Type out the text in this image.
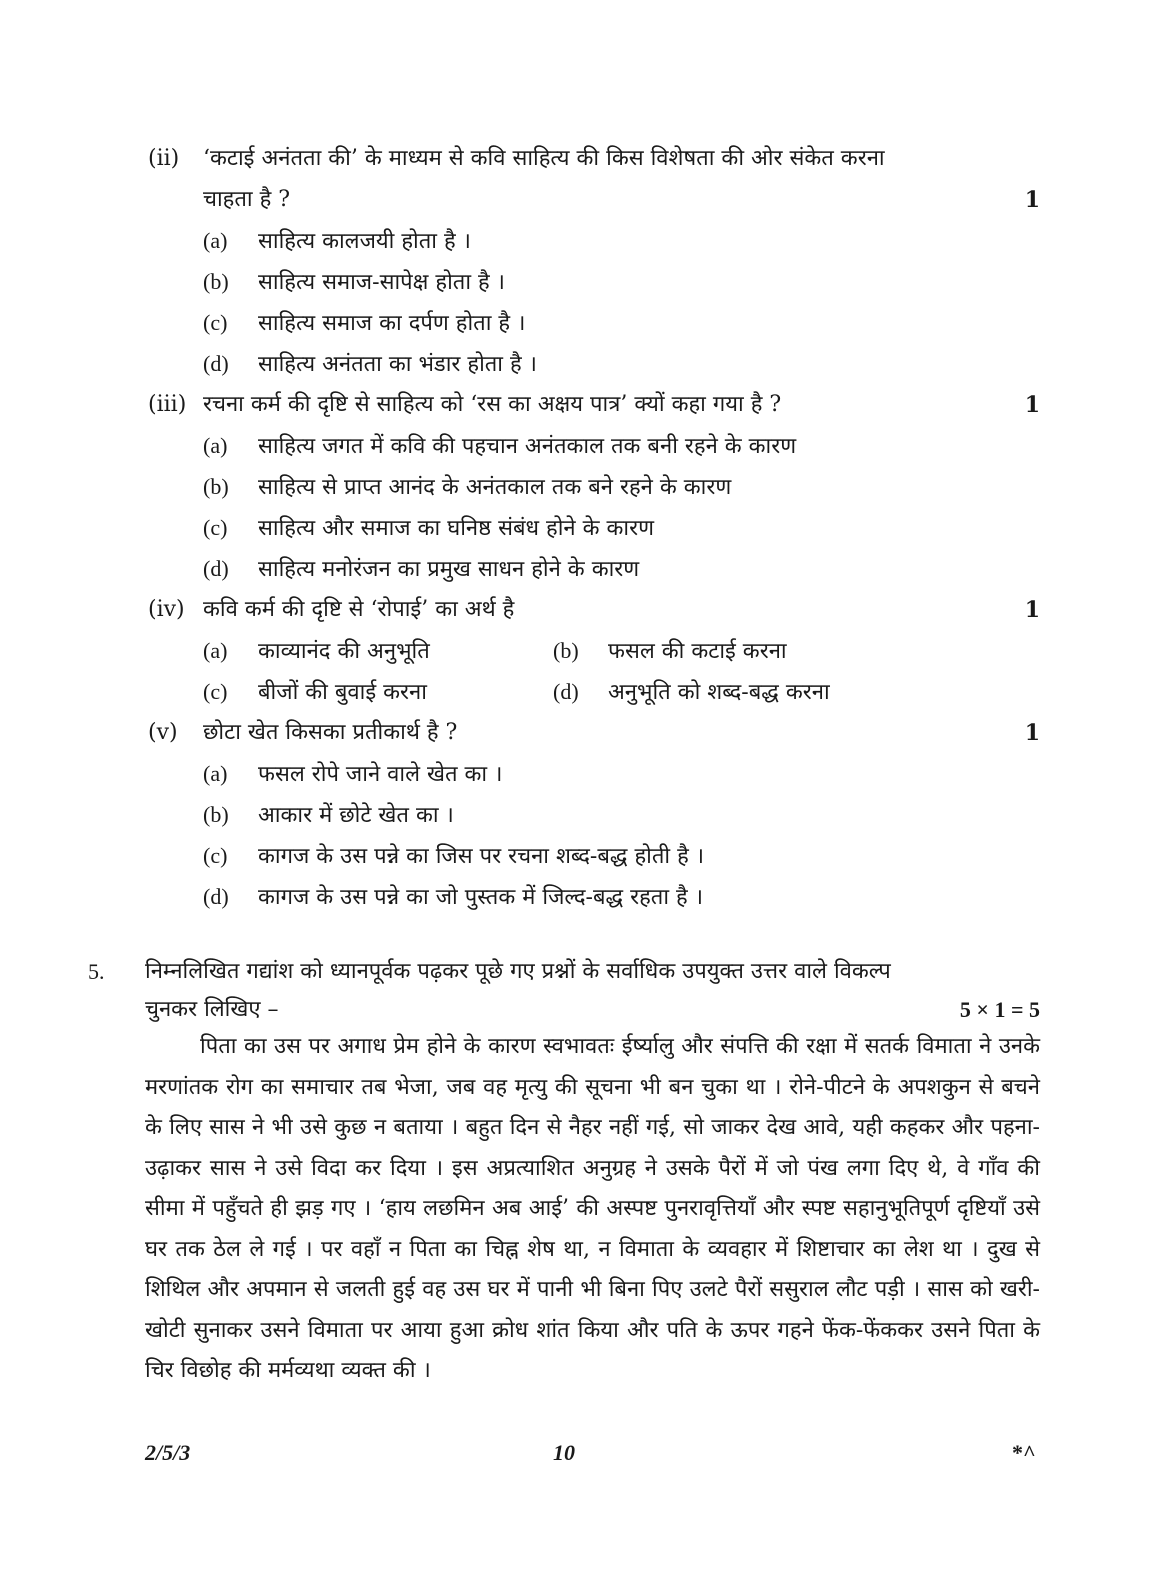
(ii) ‘कटाई अनंतता की’ के माध्यम से कवि साहित्य की किस विशेषता की ओर संकेत करना
चाहता है ?	1
(a) साहित्य कालजयी होता है ।
(b) साहित्य समाज-सापेक्ष होता है ।
(c) साहित्य समाज का दर्पण होता है ।
(d) साहित्य अनंतता का भंडार होता है ।
(iii) रचना कर्म की दृष्टि से साहित्य को ‘रस का अक्षय पात्र’ क्यों कहा गया है ?	1
(a) साहित्य जगत में कवि की पहचान अनंतकाल तक बनी रहने के कारण
(b) साहित्य से प्राप्त आनंद के अनंतकाल तक बने रहने के कारण
(c) साहित्य और समाज का घनिष्ठ संबंध होने के कारण
(d) साहित्य मनोरंजन का प्रमुख साधन होने के कारण
(iv) कवि कर्म की दृष्टि से ‘रोपाई’ का अर्थ है	1
(a) काव्यानंद की अनुभूति	(b) फसल की कटाई करना
(c) बीजों की बुवाई करना	(d) अनुभूति को शब्द-बद्ध करना
(v) छोटा खेत किसका प्रतीकार्थ है ?	1
(a) फसल रोपे जाने वाले खेत का ।
(b) आकार में छोटे खेत का ।
(c) कागज के उस पन्ने का जिस पर रचना शब्द-बद्ध होती है ।
(d) कागज के उस पन्ने का जो पुस्तक में जिल्द-बद्ध रहता है ।
5. निम्नलिखित गद्यांश को ध्यानपूर्वक पढ़कर पूछे गए प्रश्नों के सर्वाधिक उपयुक्त उत्तर वाले विकल्प
चुनकर लिखिए –	5 × 1 = 5

पिता का उस पर अगाध प्रेम होने के कारण स्वभावतः ईर्ष्यालु और संपत्ति की रक्षा में सतर्क विमाता ने उनके मरणांतक रोग का समाचार तब भेजा, जब वह मृत्यु की सूचना भी बन चुका था । रोने-पीटने के अपशकुन से बचने के लिए सास ने भी उसे कुछ न बताया । बहुत दिन से नैहर नहीं गई, सो जाकर देख आवे, यही कहकर और पहना-उढ़ाकर सास ने उसे विदा कर दिया । इस अप्रत्याशित अनुग्रह ने उसके पैरों में जो पंख लगा दिए थे, वे गाँव की सीमा में पहुँचते ही झड़ गए । ‘हाय लछमिन अब आई’ की अस्पष्ट पुनरावृत्तियाँ और स्पष्ट सहानुभूतिपूर्ण दृष्टियाँ उसे घर तक ठेल ले गई । पर वहाँ न पिता का चिह्न शेष था, न विमाता के व्यवहार में शिष्टाचार का लेश था । दुख से शिथिल और अपमान से जलती हुई वह उस घर में पानी भी बिना पिए उलटे पैरों ससुराल लौट पड़ी । सास को खरी-खोटी सुनाकर उसने विमाता पर आया हुआ क्रोध शांत किया और पति के ऊपर गहने फेंक-फेंककर उसने पिता के चिर विछोह की मर्मव्यथा व्यक्त की ।

2/5/3	10	*^
